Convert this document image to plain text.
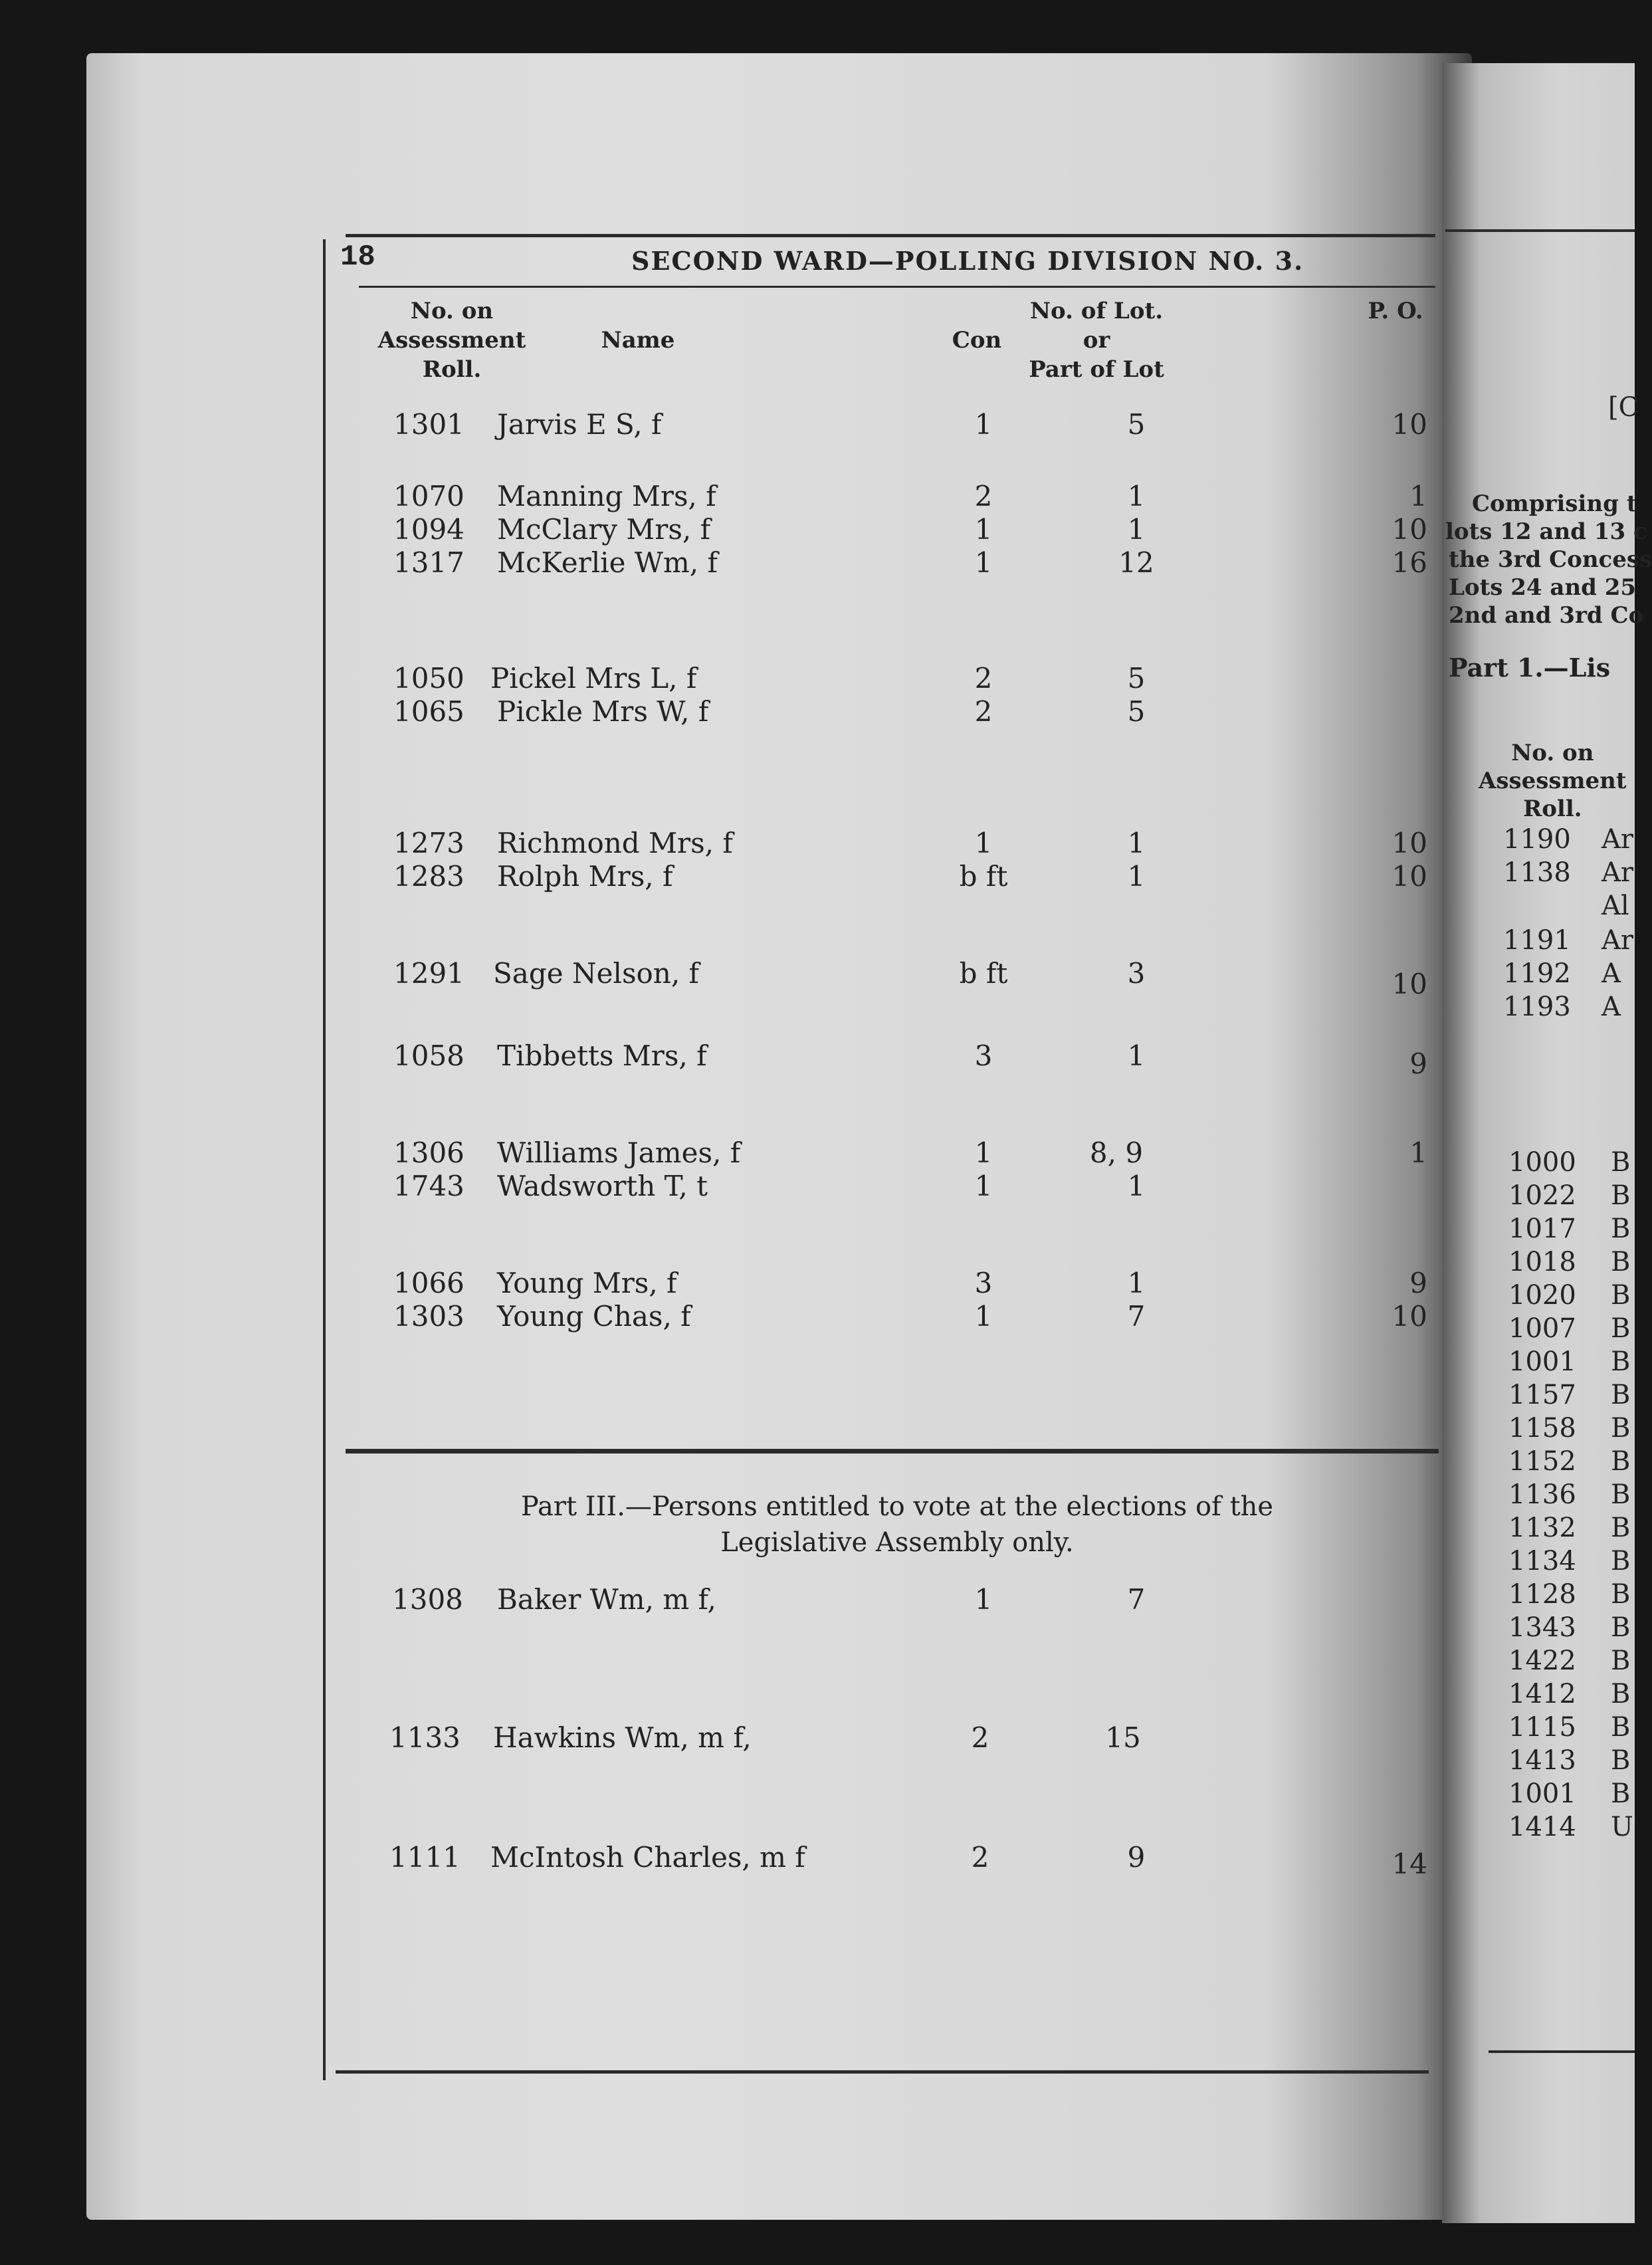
18	SECOND WARD—POLLING DIVISION NO. 3.
No. on
Assessment
Roll.
Name	Con
No. of Lot.
or
Part of Lot
P. O.
1301 Jarvis E S, f	1	5	10
1070 Manning Mrs, f	2	1	1
1094 McClary Mrs, f	1	1	10
1317 McKerlie Wm, f	1	12	16
1050 Pickel Mrs L, f	2	5
1065 Pickle Mrs W, f	2	5
1273 Richmond Mrs, f	1	1	10
1283 Rolph Mrs, f	b ft	1	10
1291 Sage Nelson, f	b ft	3	10
1058 Tibbetts Mrs, f	3	1	9
1306 Williams James, f	1	8, 9	1
1743 Wadsworth T, t	1	1
1066 Young Mrs, f	3	1	9
1303 Young Chas, f	1	7	10
Part III.—Persons entitled to vote at the elections of the
Legislative Assembly only.
1308 Baker Wm, m f,	1	7
1133 Hawkins Wm, m f,	2	15
1111 McIntosh Charles, m f	2	9	14
[C
Comprising t
lots 12 and 13 c
the 3rd Concess
Lots 24 and 25
2nd and 3rd Co
Part 1.—Lis
No. on
Assessment
Roll.
1190 Ar
1138 Ar
Al
1191 Ar
1192 A
1193 A
1000 B
1022 B
1017 B
1018 B
1020 B
1007 B
1001 B
1157 B
1158 B
1152 B
1136 B
1132 B
1134 B
1128 B
1343 B
1422 B
1412 B
1115 B
1413 B
1001 B
1414 U
